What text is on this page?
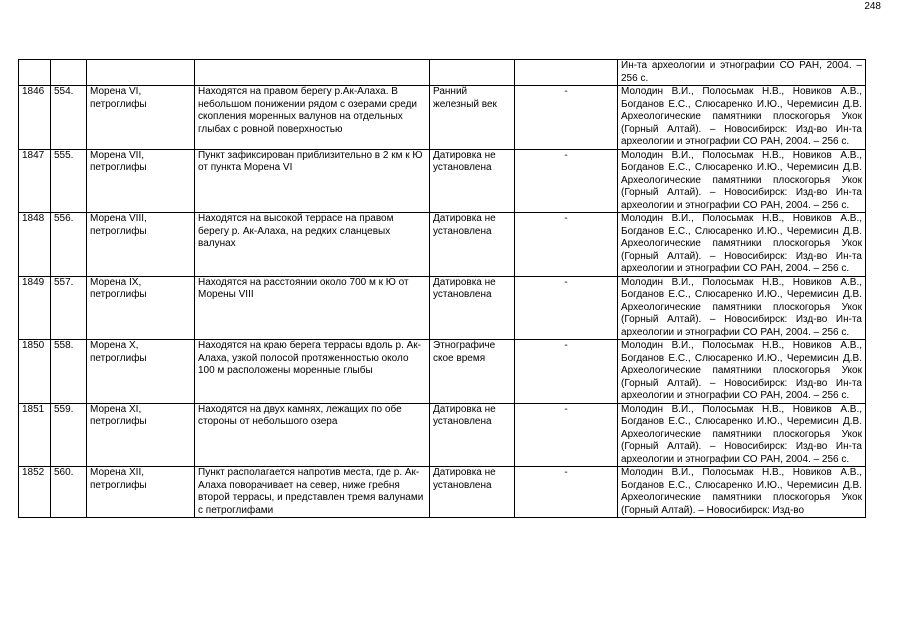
248
						Ин-та археологии и этнографии СО РАН, 2004. – 256 с.
1846	554.	Морена VI, петроглифы	Находятся на правом берегу р.Ак-Алаха. В небольшом понижении рядом с озерами среди скопления моренных валунов на отдельных глыбах с ровной поверхностью	Ранний железный век	-	Молодин В.И., Полосьмак Н.В., Новиков А.В., Богданов Е.С., Слюсаренко И.Ю., Черемисин Д.В. Археологические памятники плоскогорья Укок (Горный Алтай). – Новосибирск: Изд-во Ин-та археологии и этнографии СО РАН, 2004. – 256 с.
1847	555.	Морена VII, петроглифы	Пункт зафиксирован приблизительно в 2 км к Ю от пункта Морена VI	Датировка не установлена	-	Молодин В.И., Полосьмак Н.В., Новиков А.В., Богданов Е.С., Слюсаренко И.Ю., Черемисин Д.В. Археологические памятники плоскогорья Укок (Горный Алтай). – Новосибирск: Изд-во Ин-та археологии и этнографии СО РАН, 2004. – 256 с.
1848	556.	Морена VIII, петроглифы	Находятся на высокой террасе на правом берегу р. Ак-Алаха, на редких сланцевых валунах	Датировка не установлена	-	Молодин В.И., Полосьмак Н.В., Новиков А.В., Богданов Е.С., Слюсаренко И.Ю., Черемисин Д.В. Археологические памятники плоскогорья Укок (Горный Алтай). – Новосибирск: Изд-во Ин-та археологии и этнографии СО РАН, 2004. – 256 с.
1849	557.	Морена IX, петроглифы	Находятся на расстоянии около 700 м к Ю от Морены VIII	Датировка не установлена	-	Молодин В.И., Полосьмак Н.В., Новиков А.В., Богданов Е.С., Слюсаренко И.Ю., Черемисин Д.В. Археологические памятники плоскогорья Укок (Горный Алтай). – Новосибирск: Изд-во Ин-та археологии и этнографии СО РАН, 2004. – 256 с.
1850	558.	Морена X, петроглифы	Находятся на краю берега террасы вдоль р. Ак-Алаха, узкой полосой протяженностью около 100 м расположены моренные глыбы	Этнографиче ское время	-	Молодин В.И., Полосьмак Н.В., Новиков А.В., Богданов Е.С., Слюсаренко И.Ю., Черемисин Д.В. Археологические памятники плоскогорья Укок (Горный Алтай). – Новосибирск: Изд-во Ин-та археологии и этнографии СО РАН, 2004. – 256 с.
1851	559.	Морена XI, петроглифы	Находятся на двух камнях, лежащих по обе стороны от небольшого озера	Датировка не установлена	-	Молодин В.И., Полосьмак Н.В., Новиков А.В., Богданов Е.С., Слюсаренко И.Ю., Черемисин Д.В. Археологические памятники плоскогорья Укок (Горный Алтай). – Новосибирск: Изд-во Ин-та археологии и этнографии СО РАН, 2004. – 256 с.
1852	560.	Морена XII, петроглифы	Пункт располагается напротив места, где р. Ак-Алаха поворачивает на север, ниже гребня второй террасы, и представлен тремя валунами с петроглифами	Датировка не установлена	-	Молодин В.И., Полосьмак Н.В., Новиков А.В., Богданов Е.С., Слюсаренко И.Ю., Черемисин Д.В. Археологические памятники плоскогорья Укок (Горный Алтай). – Новосибирск: Изд-во
